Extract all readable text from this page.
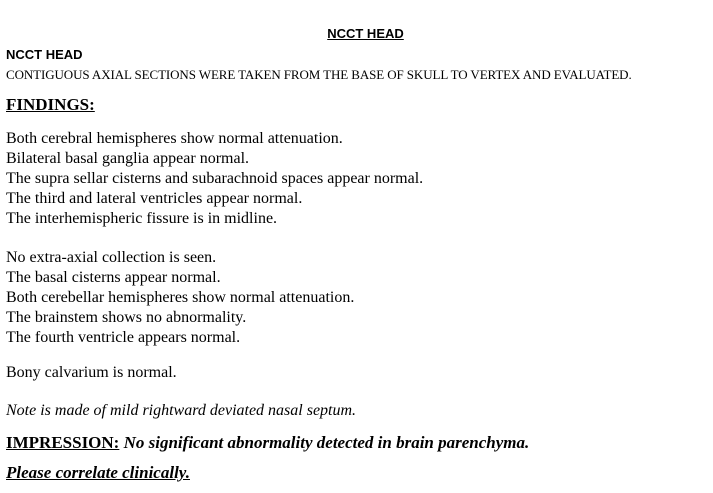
NCCT HEAD
NCCT HEAD
CONTIGUOUS AXIAL SECTIONS WERE TAKEN FROM THE BASE OF SKULL TO VERTEX AND EVALUATED.
FINDINGS:
Both cerebral hemispheres show normal attenuation.
Bilateral basal ganglia appear normal.
The supra sellar cisterns and subarachnoid spaces appear normal.
The third and lateral ventricles appear normal.
The interhemispheric fissure is in midline.
No extra-axial collection is seen.
The basal cisterns appear normal.
Both cerebellar hemispheres show normal attenuation.
The brainstem shows no abnormality.
The fourth ventricle appears normal.
Bony calvarium is normal.
Note is made of mild rightward deviated nasal septum.
IMPRESSION: No significant abnormality detected in brain parenchyma.
Please correlate clinically.
